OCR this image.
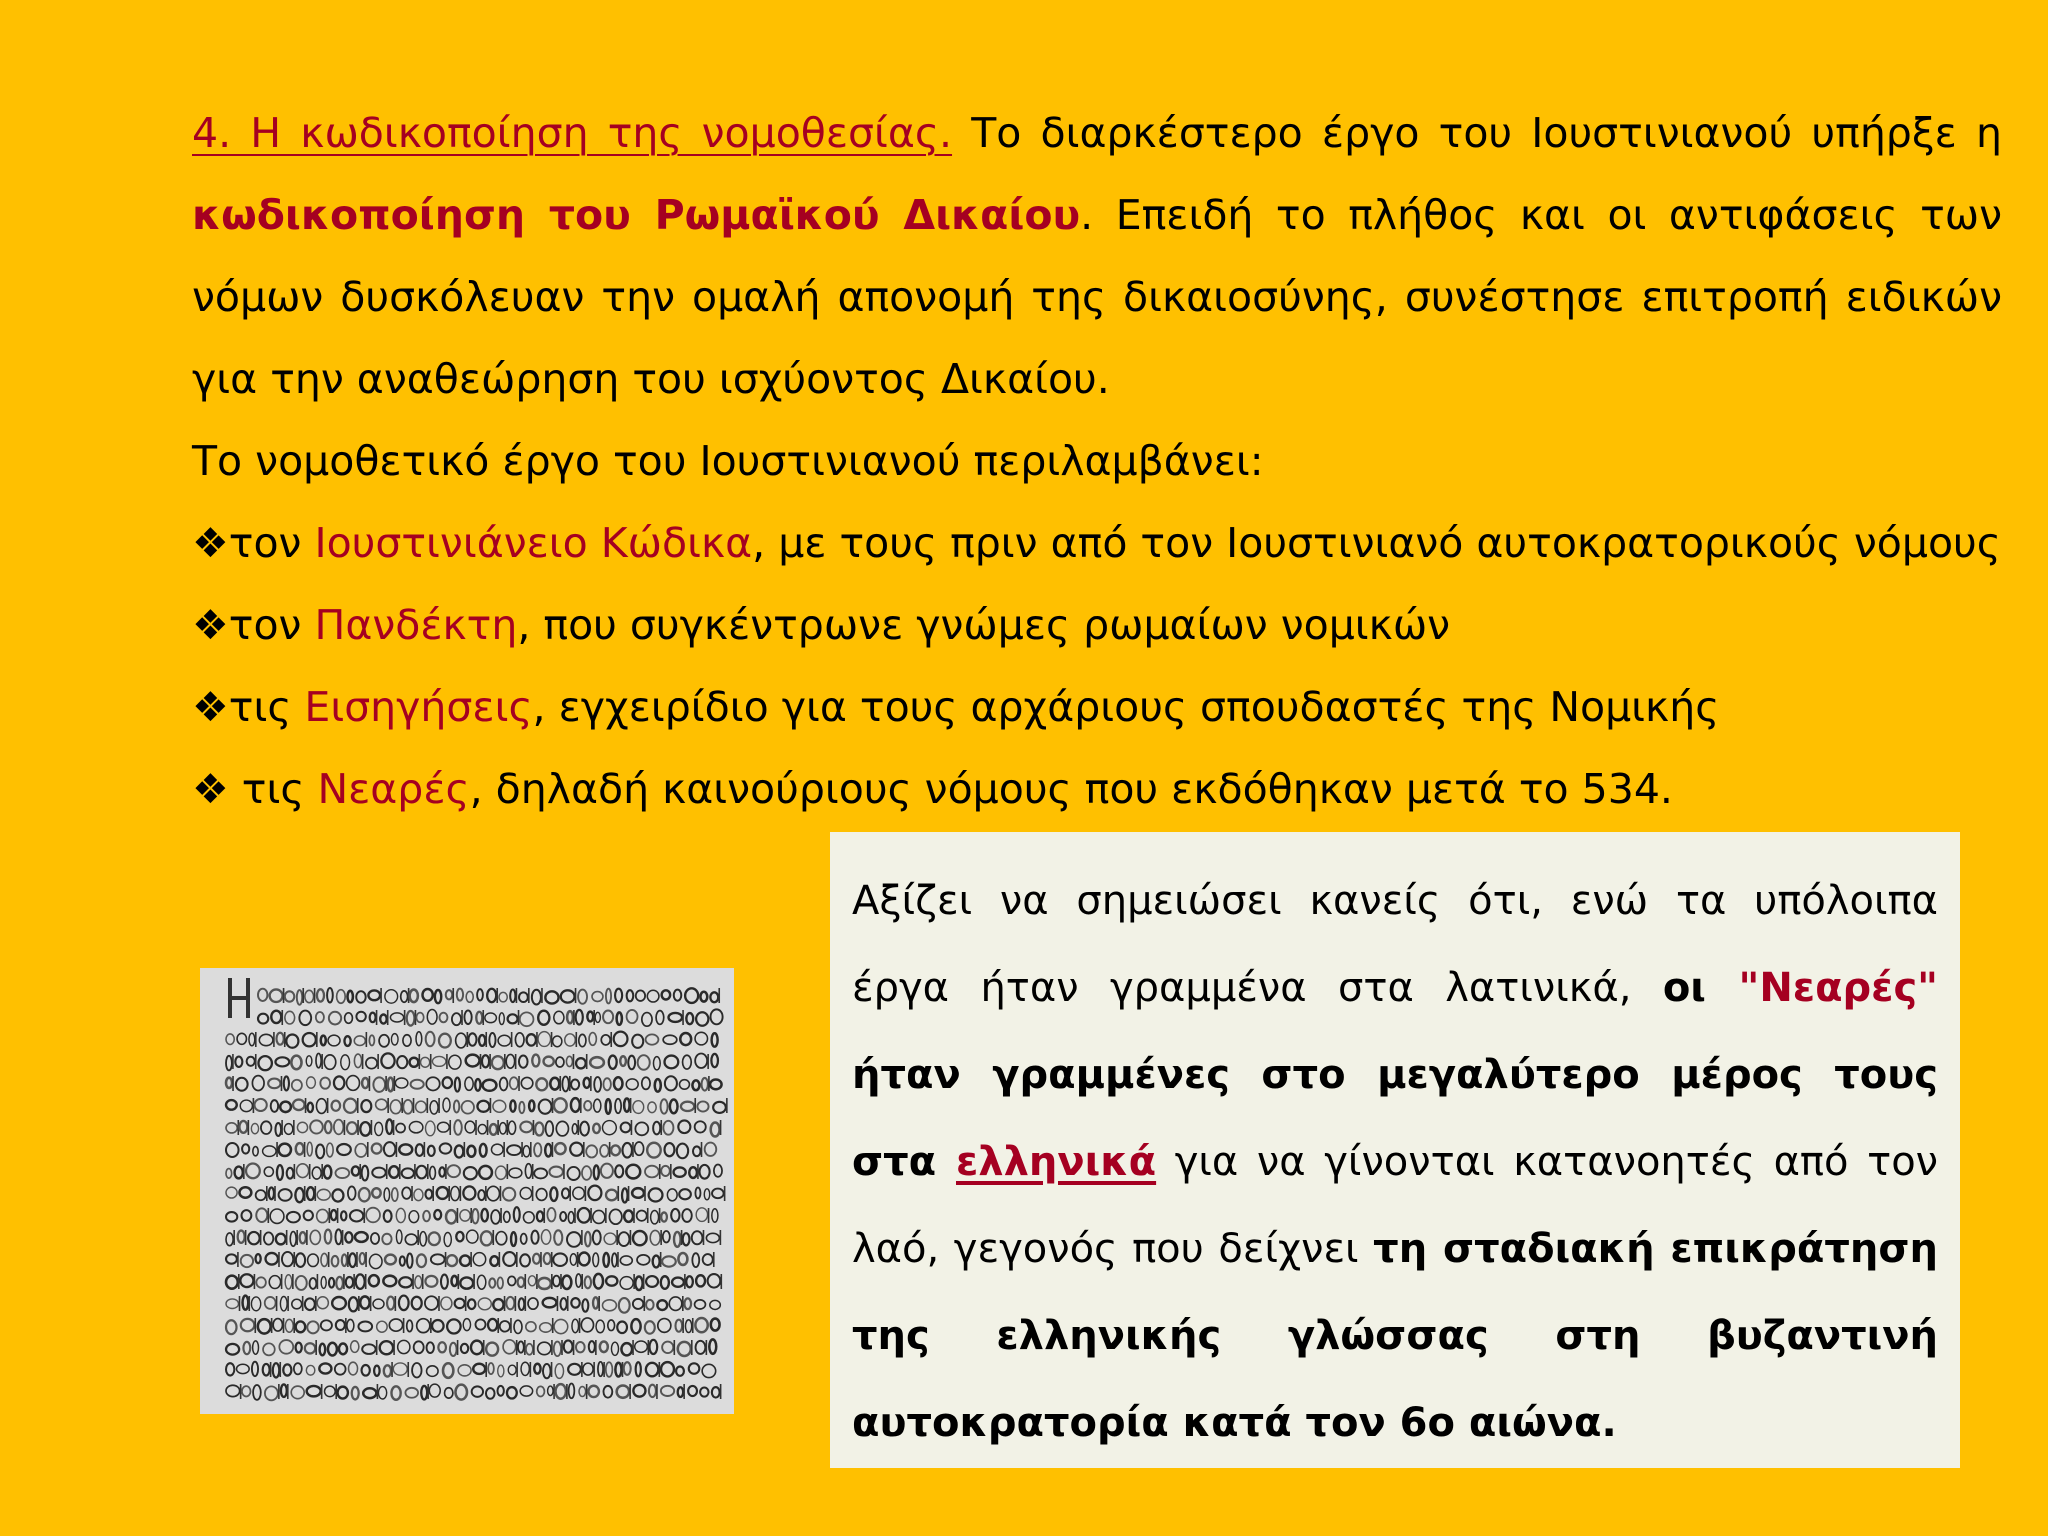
4. Η κωδικοποίηση της νομοθεσίας. Το διαρκέστερο έργο του Ιουστινιανού υπήρξε η κωδικοποίηση του Ρωμαϊκού Δικαίου. Επειδή το πλήθος και οι αντιφάσεις των νόμων δυσκόλευαν την ομαλή απονομή της δικαιοσύνης, συνέστησε επιτροπή ειδικών για την αναθεώρηση του ισχύοντος Δικαίου.

Το νομοθετικό έργο του Ιουστινιανού περιλαμβάνει:

❖τον Ιουστινιάνειο Κώδικα, με τους πριν από τον Ιουστινιανό αυτοκρατορικούς νόμους

❖τον Πανδέκτη, που συγκέντρωνε γνώμες ρωμαίων νομικών

❖τις Εισηγήσεις, εγχειρίδιο για τους αρχάριους σπουδαστές της Νομικής

❖ τις Νεαρές, δηλαδή καινούριους νόμους που εκδόθηκαν μετά το 534.

Αξίζει να σημειώσει κανείς ότι, ενώ τα υπόλοιπα έργα ήταν γραμμένα στα λατινικά, οι "Νεαρές" ήταν γραμμένες στο μεγαλύτερο μέρος τους στα ελληνικά για να γίνονται κατανοητές από τον λαό, γεγονός που δείχνει τη σταδιακή επικράτηση της ελληνικής γλώσσας στη βυζαντινή αυτοκρατορία κατά τον 6ο αιώνα.
